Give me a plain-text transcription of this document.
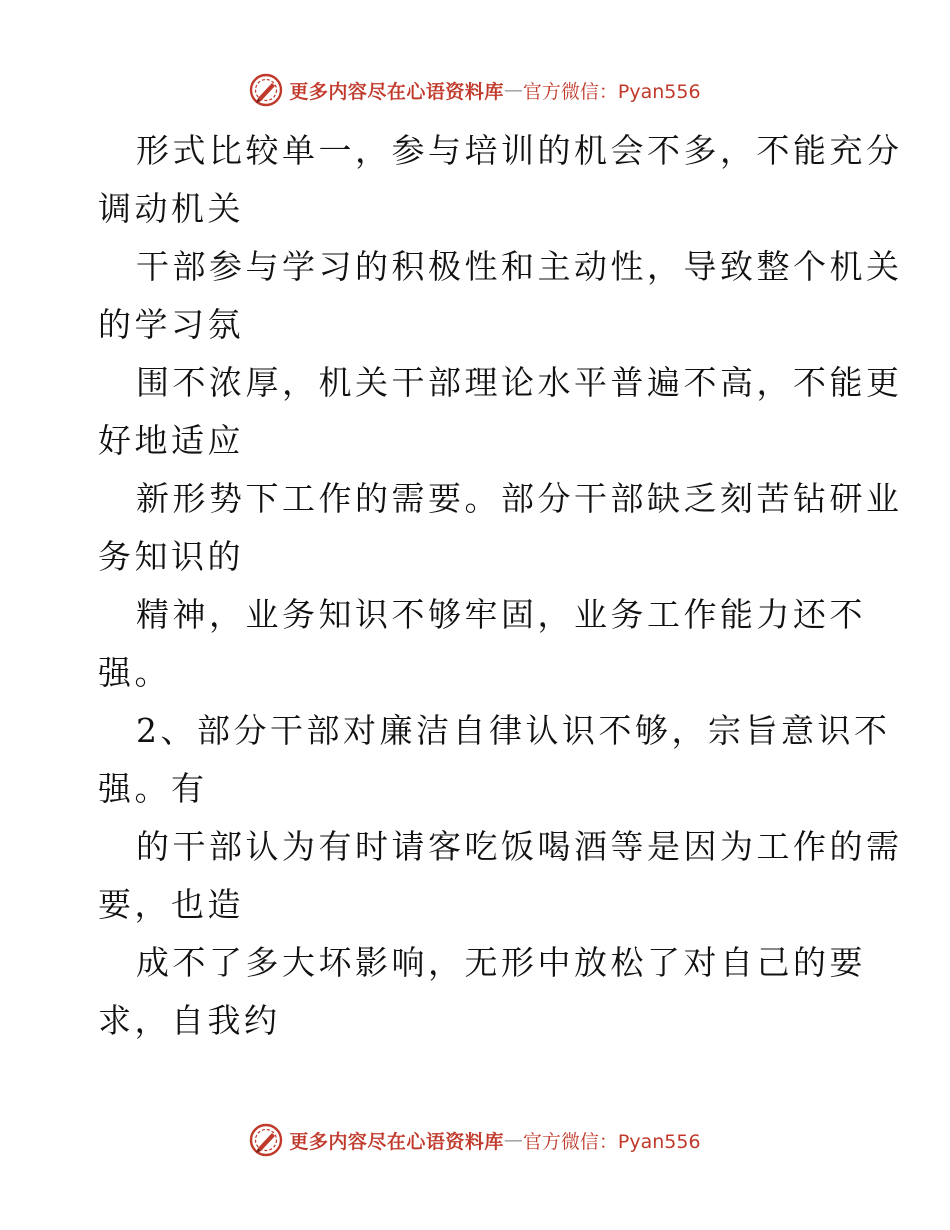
更多内容尽在心语资料库 — 官方微信：Pyan556
形式比较单一，参与培训的机会不多，不能充分
调动机关
干部参与学习的积极性和主动性，导致整个机关
的学习氛
围不浓厚，机关干部理论水平普遍不高，不能更
好地适应
新形势下工作的需要。部分干部缺乏刻苦钻研业
务知识的
精神，业务知识不够牢固，业务工作能力还不
强。
2、部分干部对廉洁自律认识不够，宗旨意识不
强。有
的干部认为有时请客吃饭喝酒等是因为工作的需
要，也造
成不了多大坏影响，无形中放松了对自己的要
求，自我约
更多内容尽在心语资料库 — 官方微信：Pyan556
